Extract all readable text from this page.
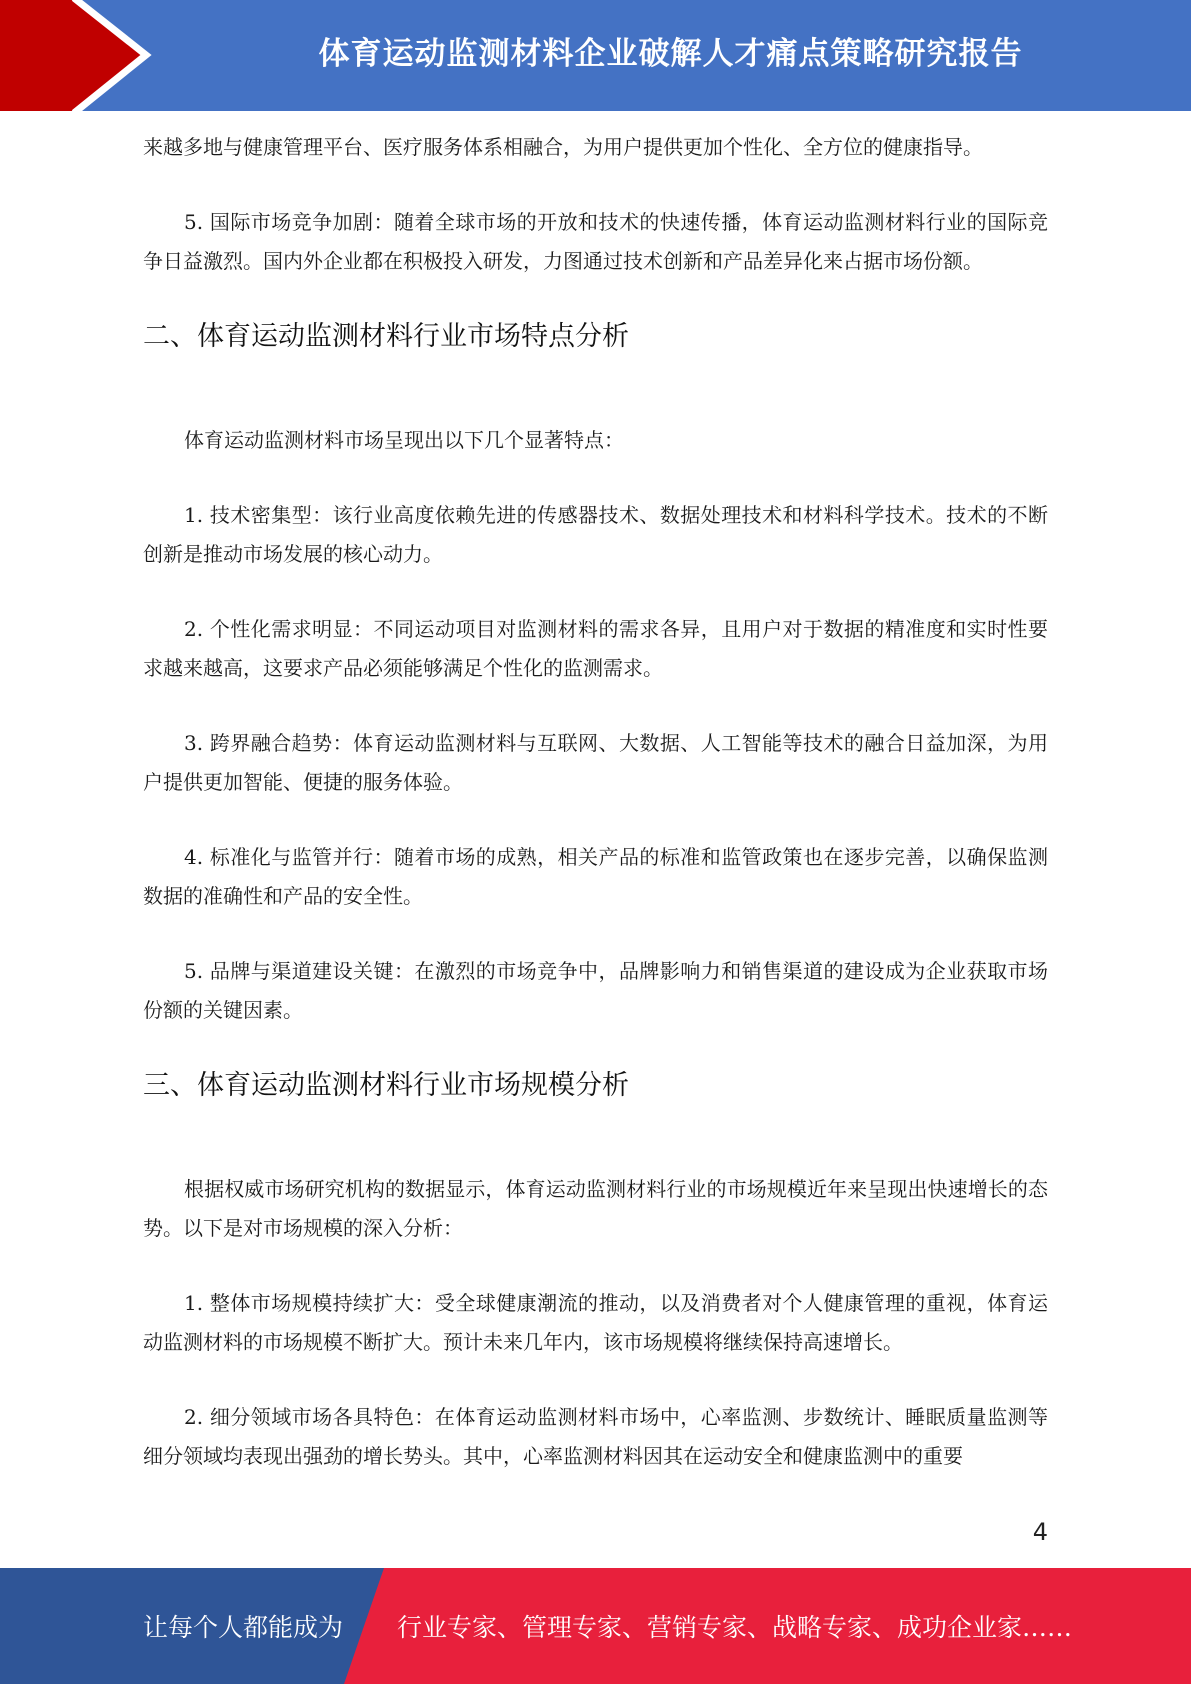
体育运动监测材料企业破解人才痛点策略研究报告

来越多地与健康管理平台、医疗服务体系相融合，为用户提供更加个性化、全方位的健康指导。

5. 国际市场竞争加剧：随着全球市场的开放和技术的快速传播，体育运动监测材料行业的国际竞争日益激烈。国内外企业都在积极投入研发，力图通过技术创新和产品差异化来占据市场份额。

二、体育运动监测材料行业市场特点分析

体育运动监测材料市场呈现出以下几个显著特点：

1. 技术密集型：该行业高度依赖先进的传感器技术、数据处理技术和材料科学技术。技术的不断创新是推动市场发展的核心动力。

2. 个性化需求明显：不同运动项目对监测材料的需求各异，且用户对于数据的精准度和实时性要求越来越高，这要求产品必须能够满足个性化的监测需求。

3. 跨界融合趋势：体育运动监测材料与互联网、大数据、人工智能等技术的融合日益加深，为用户提供更加智能、便捷的服务体验。

4. 标准化与监管并行：随着市场的成熟，相关产品的标准和监管政策也在逐步完善，以确保监测数据的准确性和产品的安全性。

5. 品牌与渠道建设关键：在激烈的市场竞争中，品牌影响力和销售渠道的建设成为企业获取市场份额的关键因素。

三、体育运动监测材料行业市场规模分析

根据权威市场研究机构的数据显示，体育运动监测材料行业的市场规模近年来呈现出快速增长的态势。以下是对市场规模的深入分析：

1. 整体市场规模持续扩大：受全球健康潮流的推动，以及消费者对个人健康管理的重视，体育运动监测材料的市场规模不断扩大。预计未来几年内，该市场规模将继续保持高速增长。

2. 细分领域市场各具特色：在体育运动监测材料市场中，心率监测、步数统计、睡眠质量监测等细分领域均表现出强劲的增长势头。其中，心率监测材料因其在运动安全和健康监测中的重要

4
让每个人都能成为 行业专家、管理专家、营销专家、战略专家、成功企业家……
